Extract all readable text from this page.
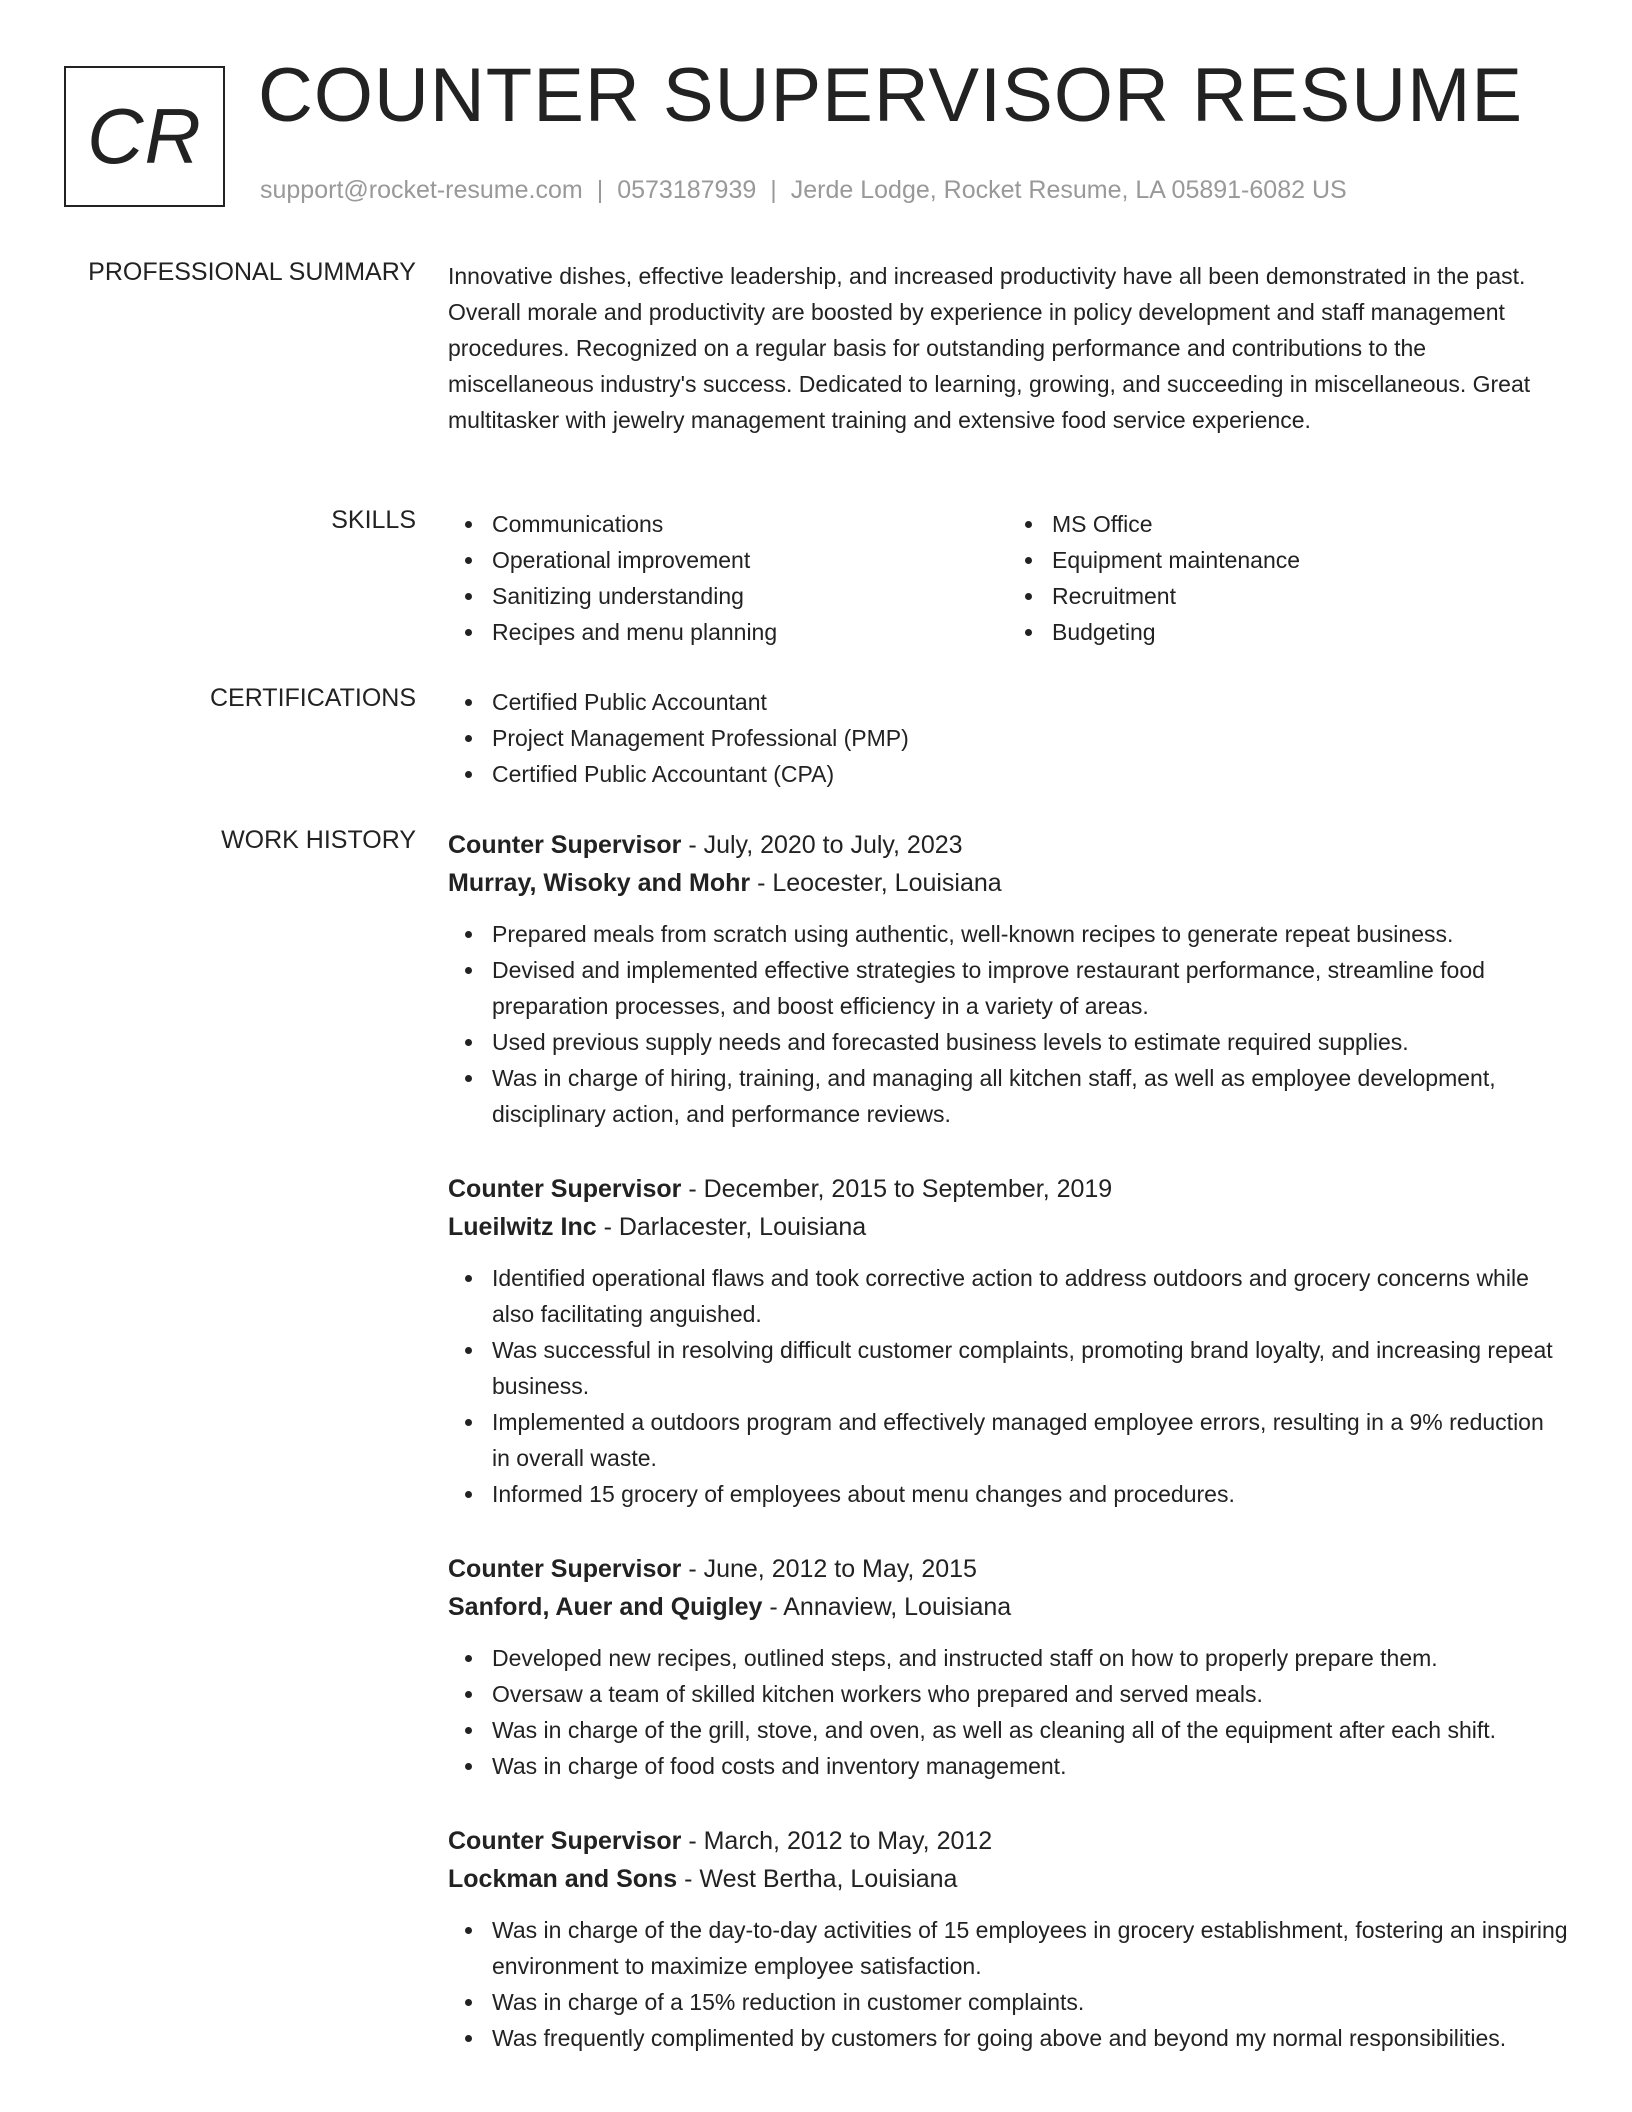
CR COUNTER SUPERVISOR RESUME
support@rocket-resume.com | 0573187939 | Jerde Lodge, Rocket Resume, LA 05891-6082 US
PROFESSIONAL SUMMARY Innovative dishes, effective leadership, and increased productivity have all been demonstrated in the past. Overall morale and productivity are boosted by experience in policy development and staff management procedures. Recognized on a regular basis for outstanding performance and contributions to the miscellaneous industry's success. Dedicated to learning, growing, and succeeding in miscellaneous. Great multitasker with jewelry management training and extensive food service experience.

SKILLS	Communications
Operational improvement
Sanitizing understanding
Recipes and menu planning
MS Office
Equipment maintenance
Recruitment
Budgeting
CERTIFICATIONS	Certified Public Accountant
Project Management Professional (PMP)
Certified Public Accountant (CPA)
WORK HISTORY Counter Supervisor - July, 2020 to July, 2023
Murray, Wisoky and Mohr - Leocester, Louisiana
Prepared meals from scratch using authentic, well-known recipes to generate repeat business.
Devised and implemented effective strategies to improve restaurant performance, streamline food preparation processes, and boost efficiency in a variety of areas.
Used previous supply needs and forecasted business levels to estimate required supplies.
Was in charge of hiring, training, and managing all kitchen staff, as well as employee development, disciplinary action, and performance reviews.
Counter Supervisor - December, 2015 to September, 2019
Lueilwitz Inc - Darlacester, Louisiana
Identified operational flaws and took corrective action to address outdoors and grocery concerns while also facilitating anguished.
Was successful in resolving difficult customer complaints, promoting brand loyalty, and increasing repeat business.
Implemented a outdoors program and effectively managed employee errors, resulting in a 9% reduction in overall waste.
Informed 15 grocery of employees about menu changes and procedures.
Counter Supervisor - June, 2012 to May, 2015
Sanford, Auer and Quigley - Annaview, Louisiana
Developed new recipes, outlined steps, and instructed staff on how to properly prepare them.
Oversaw a team of skilled kitchen workers who prepared and served meals.
Was in charge of the grill, stove, and oven, as well as cleaning all of the equipment after each shift.
Was in charge of food costs and inventory management.
Counter Supervisor - March, 2012 to May, 2012
Lockman and Sons - West Bertha, Louisiana
Was in charge of the day-to-day activities of 15 employees in grocery establishment, fostering an inspiring environment to maximize employee satisfaction.
Was in charge of a 15% reduction in customer complaints.
Was frequently complimented by customers for going above and beyond my normal responsibilities.
